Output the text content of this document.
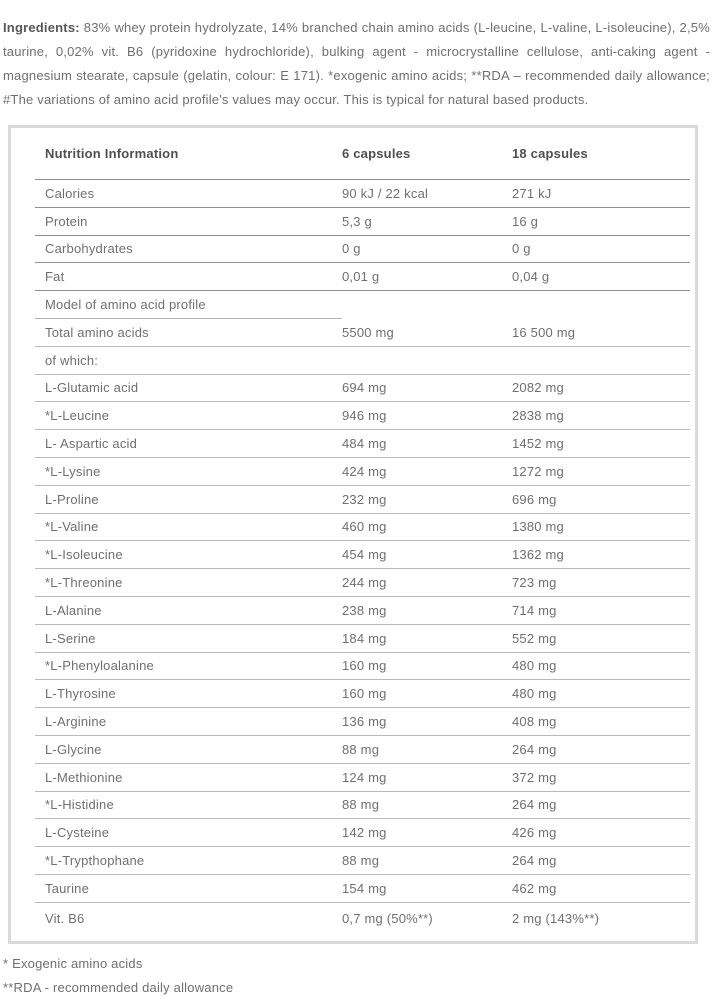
Ingredients: 83% whey protein hydrolyzate, 14% branched chain amino acids (L-leucine, L-valine, L-isoleucine), 2,5% taurine, 0,02% vit. B6 (pyridoxine hydrochloride), bulking agent - microcrystalline cellulose, anti-caking agent - magnesium stearate, capsule (gelatin, colour: E 171). *exogenic amino acids; **RDA – recommended daily allowance; #The variations of amino acid profile's values may occur. This is typical for natural based products.

Nutrition Information	6 capsules	18 capsules
Calories	90 kJ / 22 kcal	271 kJ
Protein	5,3 g	16 g
Carbohydrates	0 g	0 g
Fat	0,01 g	0,04 g
Model of amino acid profile
Total amino acids	5500 mg	16 500 mg
of which:
L-Glutamic acid	694 mg	2082 mg
*L-Leucine	946 mg	2838 mg
L- Aspartic acid	484 mg	1452 mg
*L-Lysine	424 mg	1272 mg
L-Proline	232 mg	696 mg
*L-Valine	460 mg	1380 mg
*L-Isoleucine	454 mg	1362 mg
*L-Threonine	244 mg	723 mg
L-Alanine	238 mg	714 mg
L-Serine	184 mg	552 mg
*L-Phenyloalanine	160 mg	480 mg
L-Thyrosine	160 mg	480 mg
L-Arginine	136 mg	408 mg
L-Glycine	88 mg	264 mg
L-Methionine	124 mg	372 mg
*L-Histidine	88 mg	264 mg
L-Cysteine	142 mg	426 mg
*L-Trypthophane	88 mg	264 mg
Taurine	154 mg	462 mg
Vit. B6	0,7 mg (50%**)	2 mg (143%**)
* Exogenic amino acids
**RDA - recommended daily allowance
